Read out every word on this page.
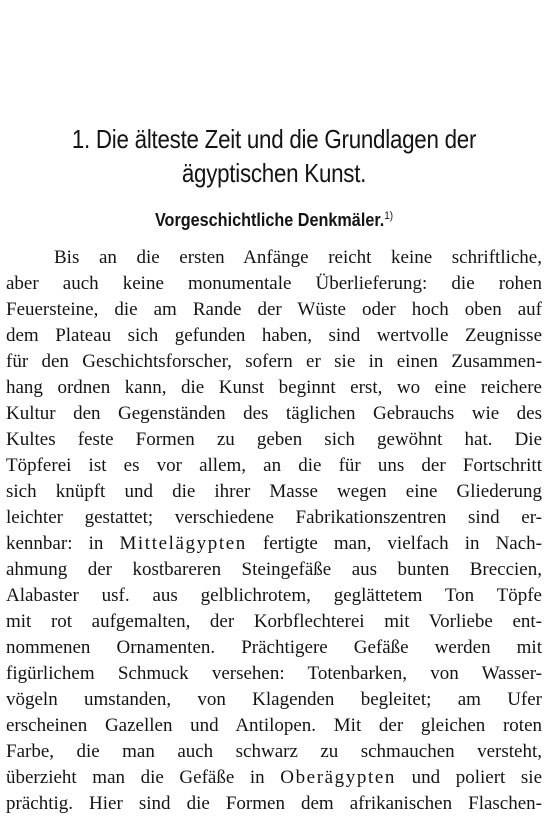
1. Die älteste Zeit und die Grundlagen der
ägyptischen Kunst.
Vorgeschichtliche Denkmäler.$^{1)}$
Bis an die ersten Anfänge reicht keine schriftliche,
aber auch keine monumentale Überlieferung: die rohen
Feuersteine, die am Rande der Wüste oder hoch oben auf
dem Plateau sich gefunden haben, sind wertvolle Zeugnisse
für den Geschichtsforscher, sofern er sie in einen Zusammen-
hang ordnen kann, die Kunst beginnt erst, wo eine reichere
Kultur den Gegenständen des täglichen Gebrauchs wie des
Kultes feste Formen zu geben sich gewöhnt hat. Die
Töpferei ist es vor allem, an die für uns der Fortschritt
sich knüpft und die ihrer Masse wegen eine Gliederung
leichter gestattet; verschiedene Fabrikationszentren sind er-
kennbar: in Mittelägypten fertigte man, vielfach in Nach-
ahmung der kostbareren Steingefäße aus bunten Breccien,
Alabaster usf. aus gelblichrotem, geglättetem Ton Töpfe
mit rot aufgemalten, der Korbflechterei mit Vorliebe ent-
nommenen Ornamenten. Prächtigere Gefäße werden mit
figürlichem Schmuck versehen: Totenbarken, von Wasser-
vögeln umstanden, von Klagenden begleitet; am Ufer
erscheinen Gazellen und Antilopen. Mit der gleichen roten
Farbe, die man auch schwarz zu schmauchen versteht,
überzieht man die Gefäße in Oberägypten und poliert sie
prächtig. Hier sind die Formen dem afrikanischen Flaschen-
